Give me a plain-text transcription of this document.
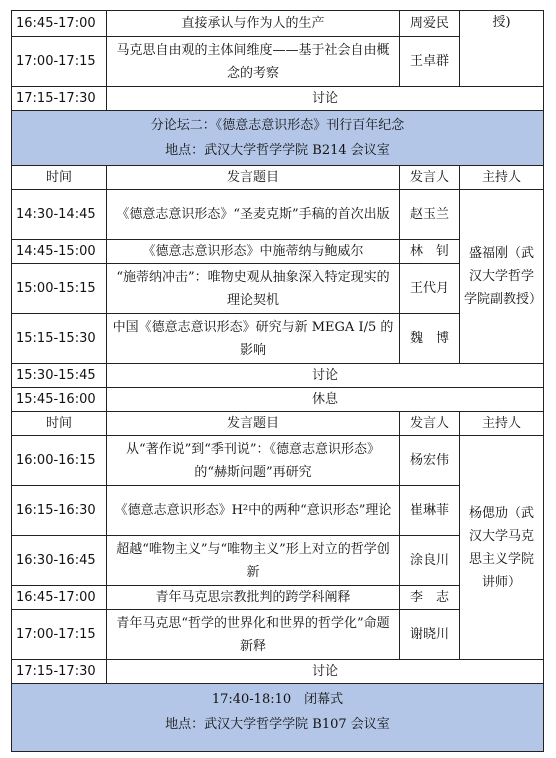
16:45-17:00	直接承认与作为人的生产	周爱民	授)
17:00-17:15	马克思自由观的主体间维度——基于社会自由概念的考察	王卓群	
17:15-17:30	讨论		

分论坛二：《德意志意识形态》刊行百年纪念
地点：武汉大学哲学学院 B214 会议室			

时间	发言题目	发言人	主持人
14:30-14:45	《德意志意识形态》“圣麦克斯”手稿的首次出版	赵玉兰	盛福刚（武汉大学哲学学院副教授）
14:45-15:00	《德意志意识形态》中施蒂纳与鲍威尔	林　钊	
15:00-15:15	“施蒂纳冲击”：唯物史观从抽象深入特定现实的理论契机	王代月	
15:15-15:30	中国《德意志意识形态》研究与新 MEGA I/5 的影响	魏　博	
15:30-15:45	讨论		
15:45-16:00	休息		
时间	发言题目	发言人	主持人
16:00-16:15	从“著作说”到“季刊说”：《德意志意识形态》的“赫斯问题”再研究	杨宏伟	杨偲劢（武汉大学马克思主义学院讲师）
16:15-16:30	《德意志意识形态》H²中的两种“意识形态”理论	崔琳菲	
16:30-16:45	超越“唯物主义”与“唯物主义”形上对立的哲学创新	涂良川	
16:45-17:00	青年马克思宗教批判的跨学科阐释	李　志	
17:00-17:15	青年马克思“哲学的世界化和世界的哲学化”命题新释	谢晓川	
17:15-17:30	讨论		

17:40-18:10　闭幕式
地点：武汉大学哲学学院 B107 会议室			
